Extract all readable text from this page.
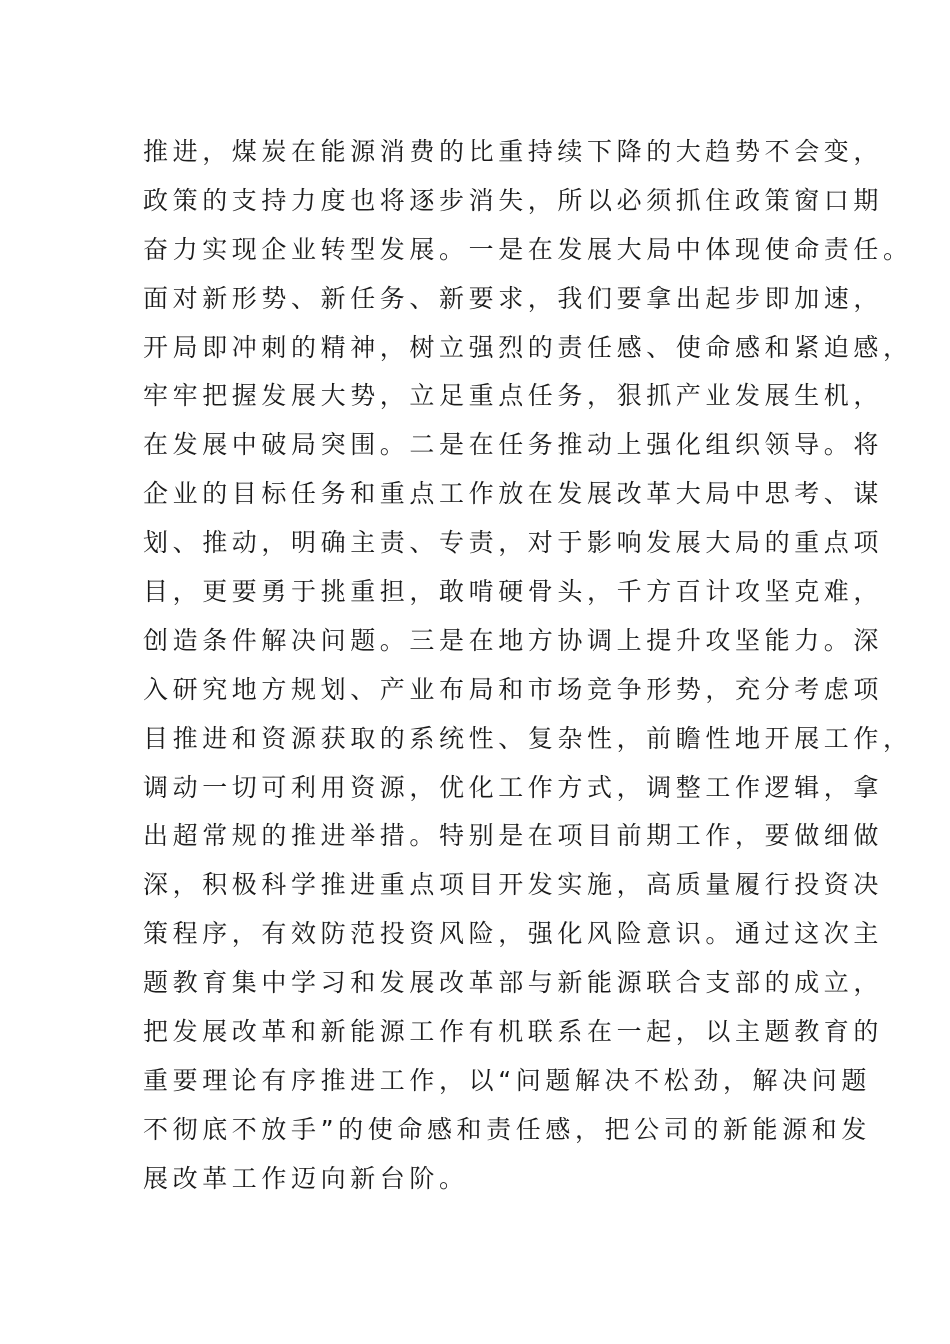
推进，煤炭在能源消费的比重持续下降的大趋势不会变，
政策的支持力度也将逐步消失，所以必须抓住政策窗口期
奋力实现企业转型发展。一是在发展大局中体现使命责任。
面对新形势、新任务、新要求，我们要拿出起步即加速，
开局即冲刺的精神，树立强烈的责任感、使命感和紧迫感，
牢牢把握发展大势，立足重点任务，狠抓产业发展生机，
在发展中破局突围。二是在任务推动上强化组织领导。将
企业的目标任务和重点工作放在发展改革大局中思考、谋
划、推动，明确主责、专责，对于影响发展大局的重点项
目，更要勇于挑重担，敢啃硬骨头，千方百计攻坚克难，
创造条件解决问题。三是在地方协调上提升攻坚能力。深
入研究地方规划、产业布局和市场竞争形势，充分考虑项
目推进和资源获取的系统性、复杂性，前瞻性地开展工作，
调动一切可利用资源，优化工作方式，调整工作逻辑，拿
出超常规的推进举措。特别是在项目前期工作，要做细做
深，积极科学推进重点项目开发实施，高质量履行投资决
策程序，有效防范投资风险，强化风险意识。通过这次主
题教育集中学习和发展改革部与新能源联合支部的成立，
把发展改革和新能源工作有机联系在一起，以主题教育的
重要理论有序推进工作，以“问题解决不松劲，解决问题
不彻底不放手”的使命感和责任感，把公司的新能源和发
展改革工作迈向新台阶。
